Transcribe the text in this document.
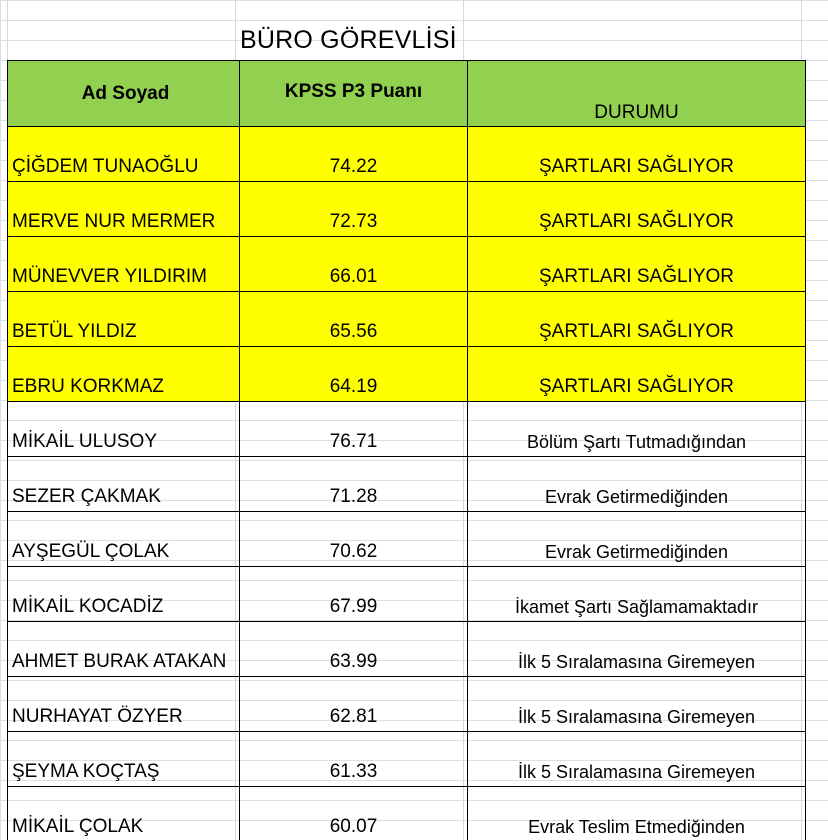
BÜRO GÖREVLİSİ
Ad Soyad	KPSS P3 Puanı	DURUMU
ÇİĞDEM TUNAOĞLU	74.22	ŞARTLARI SAĞLIYOR
MERVE NUR MERMER	72.73	ŞARTLARI SAĞLIYOR
MÜNEVVER YILDIRIM	66.01	ŞARTLARI SAĞLIYOR
BETÜL YILDIZ	65.56	ŞARTLARI SAĞLIYOR
EBRU KORKMAZ	64.19	ŞARTLARI SAĞLIYOR
MİKAİL ULUSOY	76.71	Bölüm Şartı Tutmadığından
SEZER ÇAKMAK	71.28	Evrak Getirmediğinden
AYŞEGÜL ÇOLAK	70.62	Evrak Getirmediğinden
MİKAİL KOCADİZ	67.99	İkamet Şartı Sağlamamaktadır
AHMET BURAK ATAKAN	63.99	İlk 5 Sıralamasına Giremeyen
NURHAYAT ÖZYER	62.81	İlk 5 Sıralamasına Giremeyen
ŞEYMA KOÇTAŞ	61.33	İlk 5 Sıralamasına Giremeyen
MİKAİL ÇOLAK	60.07	Evrak Teslim Etmediğinden
